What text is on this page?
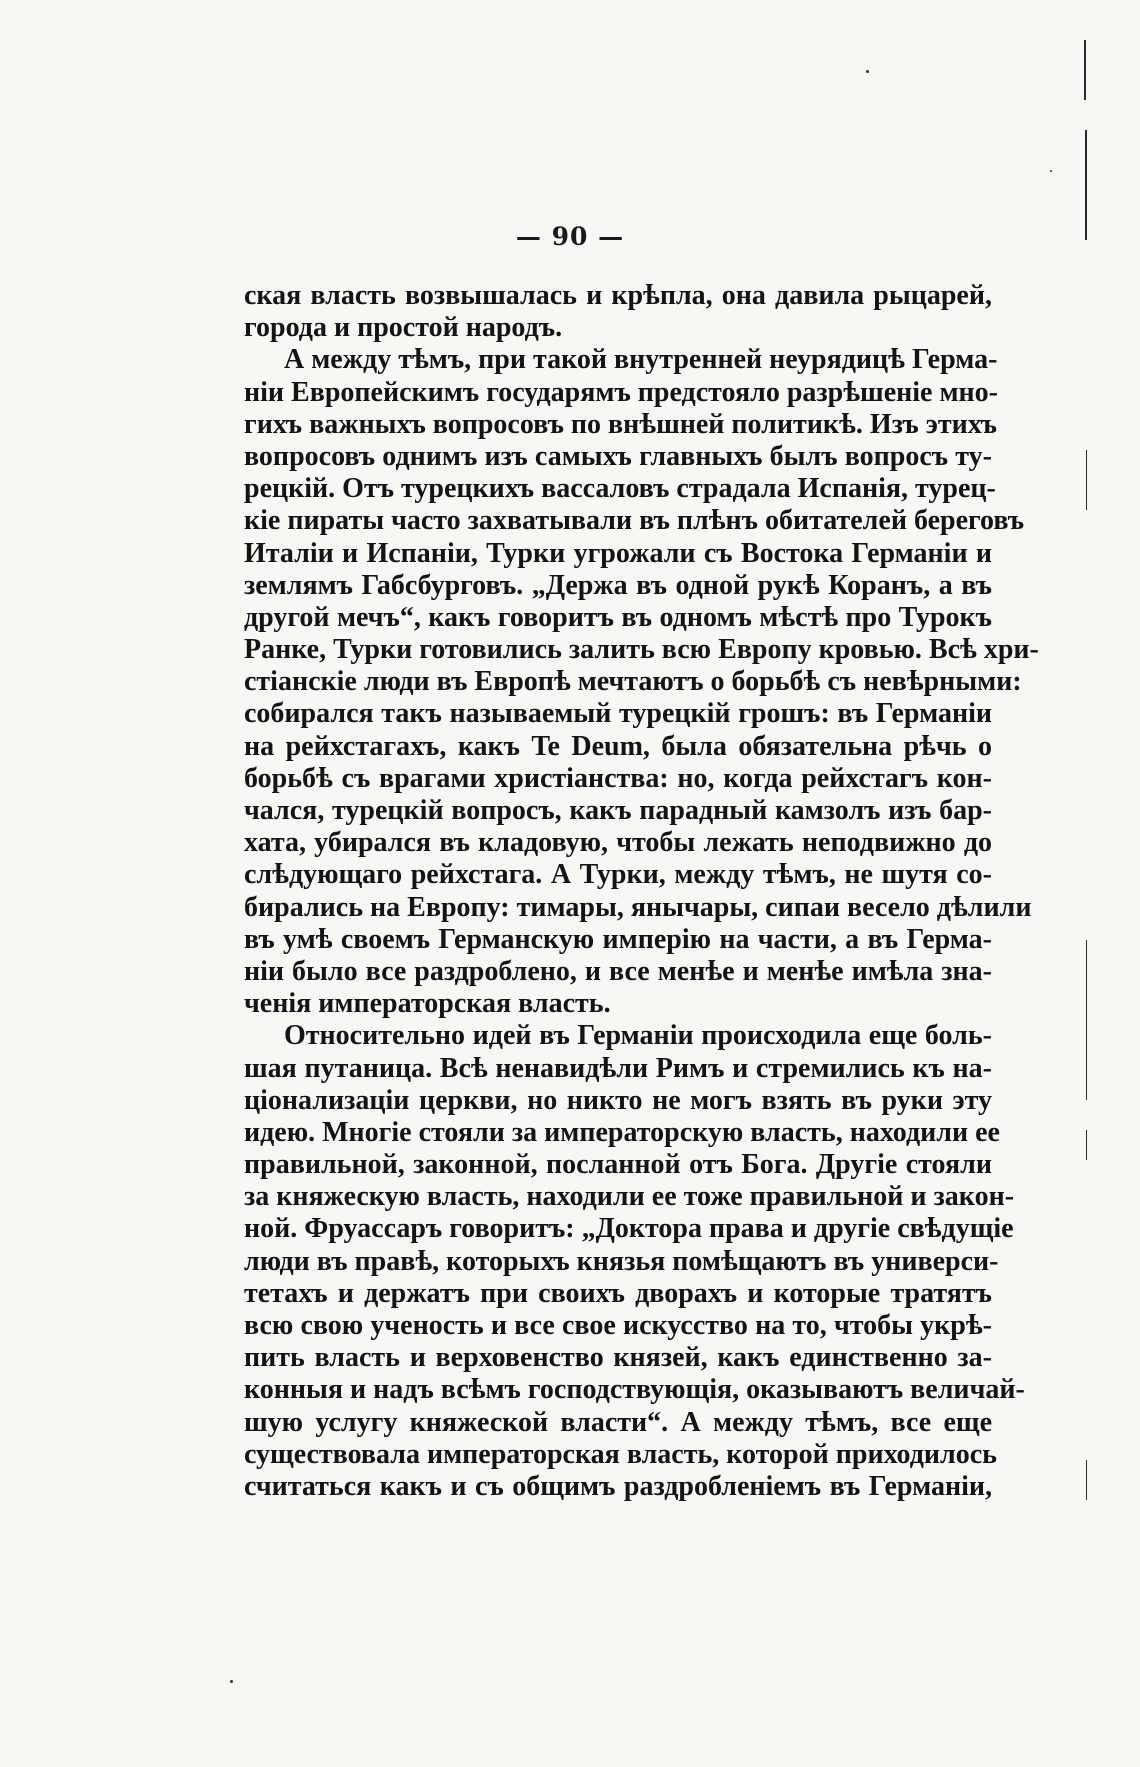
— 90 —
ская власть возвышалась и крѣпла, она давила рыцарей,
города и простой народъ.
А между тѣмъ, при такой внутренней неурядицѣ Герма-
ніи Европейскимъ государямъ предстояло разрѣшеніе мно-
гихъ важныхъ вопросовъ по внѣшней политикѣ. Изъ этихъ
вопросовъ однимъ изъ самыхъ главныхъ былъ вопросъ ту-
рецкій. Отъ турецкихъ вассаловъ страдала Испанія, турец-
кіе пираты часто захватывали въ плѣнъ обитателей береговъ
Италіи и Испаніи, Турки угрожали съ Востока Германіи и
землямъ Габсбурговъ. „Держа въ одной рукѣ Коранъ, а въ
другой мечъ“, какъ говоритъ въ одномъ мѣстѣ про Турокъ
Ранке, Турки готовились залить всю Европу кровью. Всѣ хри-
стіанскіе люди въ Европѣ мечтаютъ о борьбѣ съ невѣрными:
собирался такъ называемый турецкій грошъ: въ Германіи
на рейхстагахъ, какъ Te Deum, была обязательна рѣчь о
борьбѣ съ врагами христіанства: но, когда рейхстагъ кон-
чался, турецкій вопросъ, какъ парадный камзолъ изъ бар-
хата, убирался въ кладовую, чтобы лежать неподвижно до
слѣдующаго рейхстага. А Турки, между тѣмъ, не шутя со-
бирались на Европу: тимары, янычары, сипаи весело дѣлили
въ умѣ своемъ Германскую имперію на части, а въ Герма-
ніи было все раздроблено, и все менѣе и менѣе имѣла зна-
ченія императорская власть.
Относительно идей въ Германіи происходила еще боль-
шая путаница. Всѣ ненавидѣли Римъ и стремились къ на-
ціонализаціи церкви, но никто не могъ взять въ руки эту
идею. Многіе стояли за императорскую власть, находили ее
правильной, законной, посланной отъ Бога. Другіе стояли
за княжескую власть, находили ее тоже правильной и закон-
ной. Фруассаръ говоритъ: „Доктора права и другіе свѣдущіе
люди въ правѣ, которыхъ князья помѣщаютъ въ универси-
тетахъ и держатъ при своихъ дворахъ и которые тратятъ
всю свою ученость и все свое искусство на то, чтобы укрѣ-
пить власть и верховенство князей, какъ единственно за-
конныя и надъ всѣмъ господствующія, оказываютъ величай-
шую услугу княжеской власти“. А между тѣмъ, все еще
существовала императорская власть, которой приходилось
считаться какъ и съ общимъ раздробленіемъ въ Германіи,
